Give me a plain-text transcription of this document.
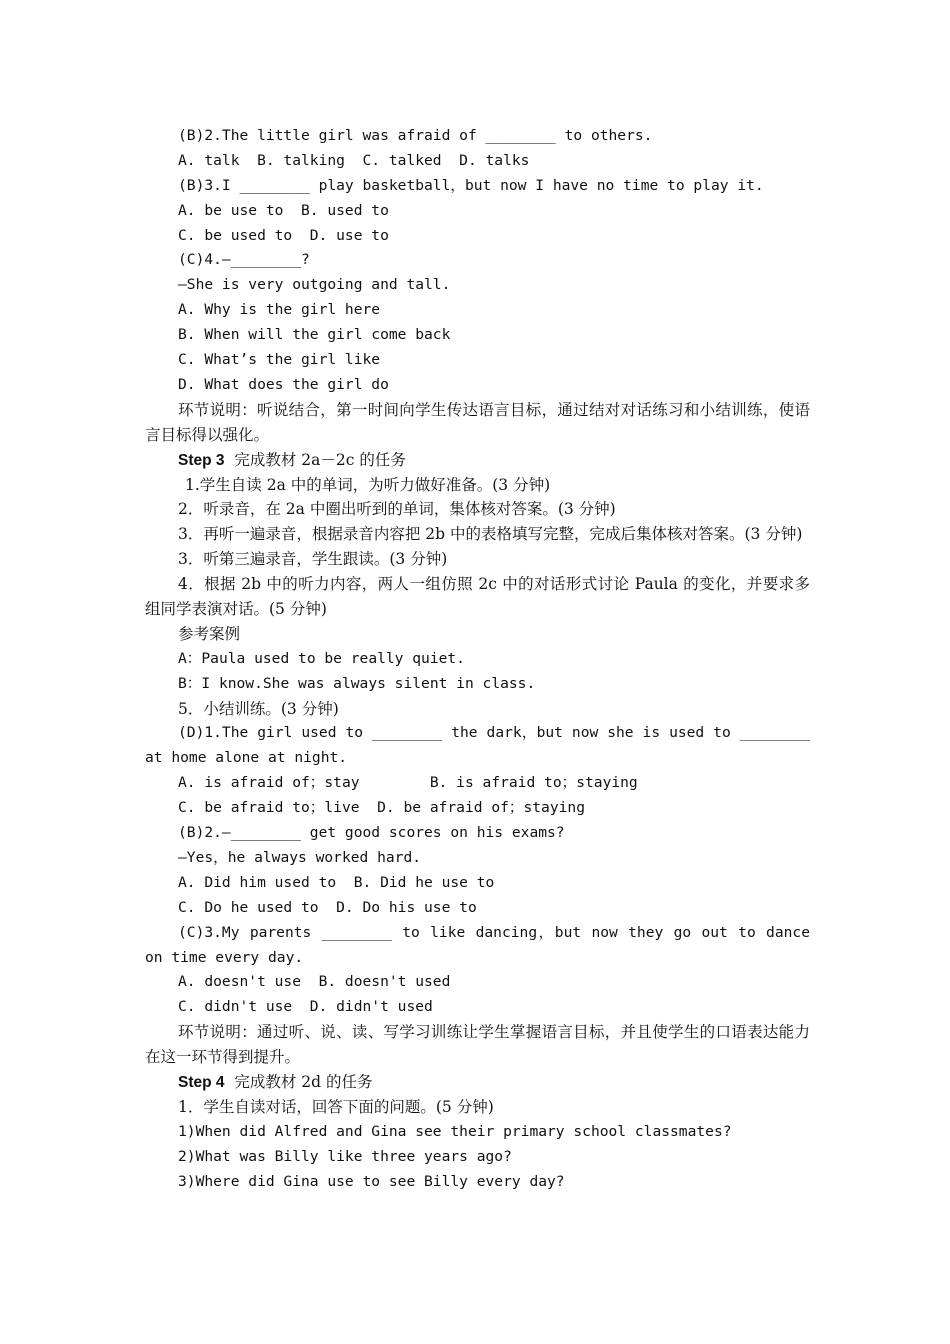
(B)2.The little girl was afraid of ________ to others.
A. talk  B. talking  C. talked  D. talks
(B)3.I ________ play basketball，but now I have no time to play it.
A. be use to  B. used to
C. be used to  D. use to
(C)4.—________?
—She is very outgoing and tall.
A. Why is the girl here
B. When will the girl come back
C. What’s the girl like
D. What does the girl do
环节说明：听说结合，第一时间向学生传达语言目标，通过结对对话练习和小结训练，使语言目标得以强化。
Step 3  完成教材 2a－2c 的任务
1.学生自读 2a 中的单词，为听力做好准备。(3 分钟)
2．听录音，在 2a 中圈出听到的单词，集体核对答案。(3 分钟)
3．再听一遍录音，根据录音内容把 2b 中的表格填写完整，完成后集体核对答案。(3 分钟)
3．听第三遍录音，学生跟读。(3 分钟)
4．根据 2b 中的听力内容，两人一组仿照 2c 中的对话形式讨论 Paula 的变化，并要求多组同学表演对话。(5 分钟)
参考案例
A：Paula used to be really quiet.
B：I know.She was always silent in class.
5．小结训练。(3 分钟)
(D)1.The girl used to ________ the dark，but now she is used to ________ at home alone at night.
A. is afraid of；stay        B. is afraid to；staying
C. be afraid to；live  D. be afraid of；staying
(B)2.—________ get good scores on his exams?
—Yes，he always worked hard.
A. Did him used to  B. Did he use to
C. Do he used to  D. Do his use to
(C)3.My parents ________ to like dancing，but now they go out to dance on time every day.
A. doesn't use  B. doesn't used
C. didn't use  D. didn't used
环节说明：通过听、说、读、写学习训练让学生掌握语言目标，并且使学生的口语表达能力在这一环节得到提升。
Step 4  完成教材 2d 的任务
1．学生自读对话，回答下面的问题。(5 分钟)
1)When did Alfred and Gina see their primary school classmates?
2)What was Billy like three years ago?
3)Where did Gina use to see Billy every day?
